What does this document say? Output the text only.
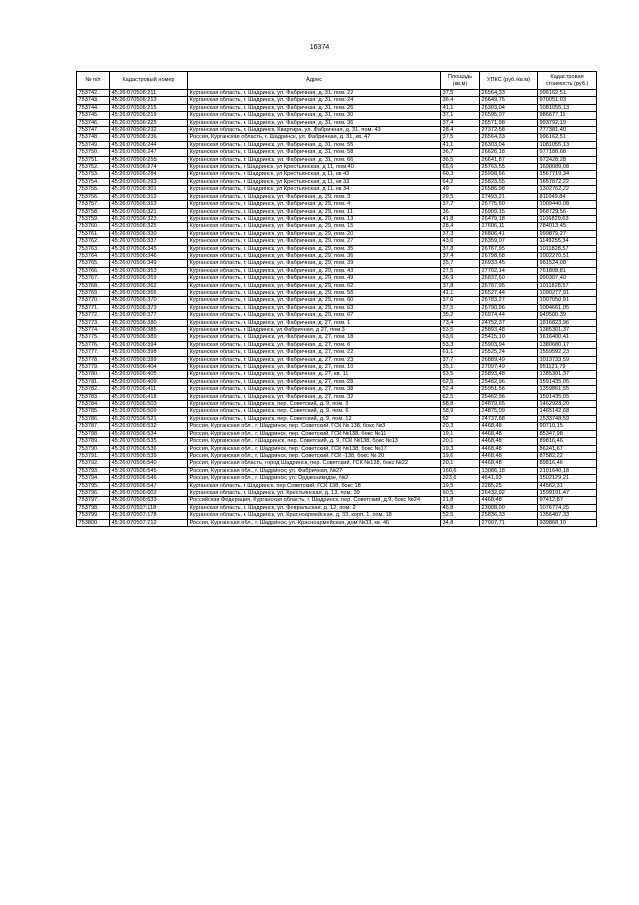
16374
№ п/п	Кадастровый номер	Адрес	Площадь (кв.м)	УПКС (руб./кв.м)	Кадастровая стоимость (руб.)
753742.	45:26:070506:211	Курганская область, г. Шадринск, ул. Фабричная, д. 31, пом. 22	37,5	26564,33	996162,51
753743.	45:26:070506:213	Курганская область, г. Шадринск, ул. Фабричная, д. 31, пом. 24	36,4	26649,75	970051,03
753744.	45:26:070506:215	Курганская область, г. Шадринск, ул. Фабричная, д. 31, пом. 26	41,1	26303,04	1081055,13
753745.	45:26:070506:219	Курганская область, г. Шадринск, ул. Фабричная, д. 31, пом. 30	37,1	26595,07	986677,11
753746.	45:26:070506:225	Курганская область, г. Шадринск, ул. Фабричная, д. 31, пом. 36	37,4	26571,98	993792,19
753747.	45:26:070506:232	Курганская область, г. Шадринск, Квартира, ул. Фабричная, д. 31, пом. 43	28,4	27372,58	777381,40
753748.	45:26:070506:236	Россия, Курганская область, г. Шадринск, ул. Фабричная, д. 31, кв. 47	37,5	26564,33	996162,51
753749.	45:26:070506:244	Курганская область, г. Шадринск, ул. Фабричная, д. 31, пом. 55	41,1	26303,04	1081055,13
753750.	45:26:070506:247	Курганская область, г. Шадринск, ул. Фабричная, д. 31, пом. 58	36,7	26626,18	977180,68
753751.	45:26:070506:255	Курганская область, г. Шадринск, ул. Фабричная, д. 31, пом. 66	36,5	26641,87	972428,28
753752.	45:26:070506:274	Курганская область, г Шадринск, ул Крестьянская, д 11, пом 40	65,6	25763,55	1690089,08
753753.	45:26:070506:284	Курганская область, г Шадринск, ул Крестьянская, д 11, кв 43	60,3	25998,66	1567719,34
753754.	45:26:070506:293	Курганская область, г Шадринск, ул Крестьянская, д 11, кв 33	64,2	25823,55	1657872,22
753755.	45:26:070506:301	Курганская область, г Шадринск, ул Крестьянская, д 11, кв 34	49	26586,98	1302762,22
753756.	45:26:070506:312	Курганская область, г. Шадринск, ул. Фабричная, д. 29, пом. 3	29,5	27493,21	811049,84
753757.	45:26:070506:313	Курганская область, г. Шадринск, ул. Фабричная, д. 29, пом. 4	37,7	26775,60	1009440,08
753758.	45:26:070506:321	Курганская область, г. Шадринск, ул. Фабричная, д. 29, пом. 11	36	26909,15	968729,56
753759.	45:26:070506:323	Курганская область, г. Шадринск, ул. Фабричная, д. 29, пом. 13	41,8	26479,18	1106829,63
753760.	45:26:070506:325	Курганская область, г. Шадринск, ул. Фабричная, д. 29, пом. 15	28,4	27606,11	784013,45
753761.	45:26:070506:330	Курганская область, г. Шадринск, ул. Фабричная, д. 29, пом. 20	37,3	26806,41	999879,27
753762.	45:26:070506:337	Курганская область, г. Шадринск, ул. Фабричная, д. 29, пом. 27	43,6	26359,07	1149255,34
753763.	45:26:070506:345	Курганская область, г. Шадринск, ул. Фабричная, д. 29, пом. 35	37,8	26767,95	1011828,57
753764.	45:26:070506:346	Курганская область, г. Шадринск, ул. Фабричная, д. 29, пом. 36	37,4	26798,68	1002270,51
753765.	45:26:070506:349	Курганская область, г. Шадринск, ул. Фабричная, д. 29, пом. 39	35,7	26933,45	961524,08
753766.	45:26:070506:353	Курганская область, г. Шадринск, ул. Фабричная, д. 29, пом. 43	27,5	27702,14	761808,81
753767.	45:26:070506:359	Курганская область, г. Шадринск, ул. Фабричная, д. 29, пом. 49	36,9	26837,60	990307,40
753768.	45:26:070506:362	Курганская область, г. Шадринск, ул. Фабричная, д. 29, пом. 52	37,8	26767,95	1011828,57
753769.	45:26:070506:366	Курганская область, г. Шадринск, ул. Фабричная, д. 29, пом. 56	41,1	26527,44	1090277,91
753770.	45:26:070506:370	Курганская область, г. Шадринск, ул. Фабричная, д. 29, пом. 60	37,6	26783,27	1007050,91
753771.	45:26:070506:373	Курганская область, г. Шадринск, ул. Фабричная, д. 29, пом. 63	37,5	26790,96	1004661,05
753772.	45:26:070506:377	Курганская область, г. Шадринск, ул. Фабричная, д. 29, пом. 67	35,2	26974,44	949500,39
753773.	45:26:070506:380	Курганская область, г. Шадринск, ул. Фабричная, д. 27, пом. 1	73,4	24752,37	1816823,96
753774.	45:26:070506:385	Курганская область, г Шадринск, ул Фабричная, д 27, пом 3	53,5	25893,48	1385301,37
753775.	45:26:070506:389	Курганская область, г. Шадринск, ул. Фабричная, д. 27, пом. 18	63,6	25415,10	1616400,41
753776.	45:26:070506:394	Курганская область, г. Шадринск, ул. Фабричная, д. 27, пом. 6	53,3	25903,94	1380680,17
753777.	45:26:070506:398	Курганская область, г. Шадринск, ул. Фабричная, д. 27, пом. 22	61,1	25525,24	1559592,23
753778.	45:26:070506:399	Курганская область, г. Шадринск, ул. Фабричная, д. 27, пом. 23	37,7	26889,49	1013733,59
753779.	45:26:070506:404	Курганская область, г. Шадринск, ул. Фабричная, д. 27, пом. 10	35,1	27097,49	951121,79
753780.	45:26:070506:405	Курганская область, г. Шадринск, ул. Фабричная, д. 27, кв. 11	53,5	25893,48	1385301,37
753781.	45:26:070506:409	Курганская область, г. Шадринск, ул. Фабричная, д. 27, пом. 28	62,5	25462,96	1591435,05
753782.	45:26:070506:411	Курганская область, г. Шадринск, ул. Фабричная, д. 27, пом. 38	52,4	25951,56	1359861,55
753783.	45:26:070506:418	Курганская область, г. Шадринск, ул. Фабричная, д. 27, пом. 32	62,5	25462,96	1591435,05
753784.	45:26:070506:503	Курганская область, г. Шадринск, пер. Советский, д. 9, пом. 3	58,8	24879,65	1462923,20
753785.	45:26:070506:509	Курганская область, г. Шадринск, пер. Советский, д. 9, пом. 6	58,9	24875,09	1465142,68
753786.	45:26:070506:521	Курганская область, г. Шадринск, пер. Советский, д. 9, пом. 12	62	24737,88	1533748,59
753787.	45:26:070506:532	Россия, Курганская обл., г. Шадринск, пер. Советский, ГСК № 138, бокс №3	20,3	4468,48	90710,15
753788.	45:26:070506:534	Россия, Курганская обл., г. Шадринск, пер. Советский, ГСК №138, бокс №11	19,1	4468,48	85347,98
753789.	45:26:070506:535	Россия, Курганская обл., г.Шадринск, пер. Советский, д. 9, ГСК №138, бокс №13	20,1	4468,48	89816,46
753790.	45:26:070506:536	Россия, Курганская обл., г. Шадринск, пер. Советский, ГСК №138, бокс №17	19,3	4468,48	86241,67
753791.	45:26:070506:539	Россия, Курганская обл., г. Шадринск, пер. Советский, ГСК -138, бокс № 20	19,6	4468,48	87582,22
753792.	45:26:070506:540	Россия, Курганская область, город Шадринск, пер. Советский, ГСК №138, бокс №22	20,1	4468,48	89816,46
753793.	45:26:070506:545	Россия, Курганская обл., г. Шадринск, ул. Фабричная, №27	160,6	13086,18	2101640,18
753794.	45:26:070506:546	Россия, Курганская обл., г. Шадринск, ул. Орджоникидзе, №2	323,6	4641,93	1502129,21
753795.	45:26:070506:547	Курганская область, г Шадринск, пер Советский, ГСК 138, бокс 18	19,5	2285,25	44562,31
753796.	45:26:070506:602	Курганская область, г. Шадринск, ул. Крестьянская, д. 13, пом. 39	60,5	26432,92	1599191,47
753797.	45:26:070506:633	Российская Федерация, Курганская область, г. Шадринск, пер. Советский, д.9, бокс №24	21,8	4468,48	97412,87
753798.	45:26:070507:118	Курганская область, г. Шадринск, ул. Февральская, д. 12, пом. 2	46,8	23008,00	1076774,25
753799.	45:26:070507:178	Курганская область, г. Шадринск, ул. Красноармейская, д. 33, корп. 1, пом. 18	52,5	25836,33	1356407,33
753800.	45:26:070507:212	Россия, Курганская обл., г. Шадринск, ул. Красноармейская, дом №33, кв. 46	34,8	27007,71	939868,19
